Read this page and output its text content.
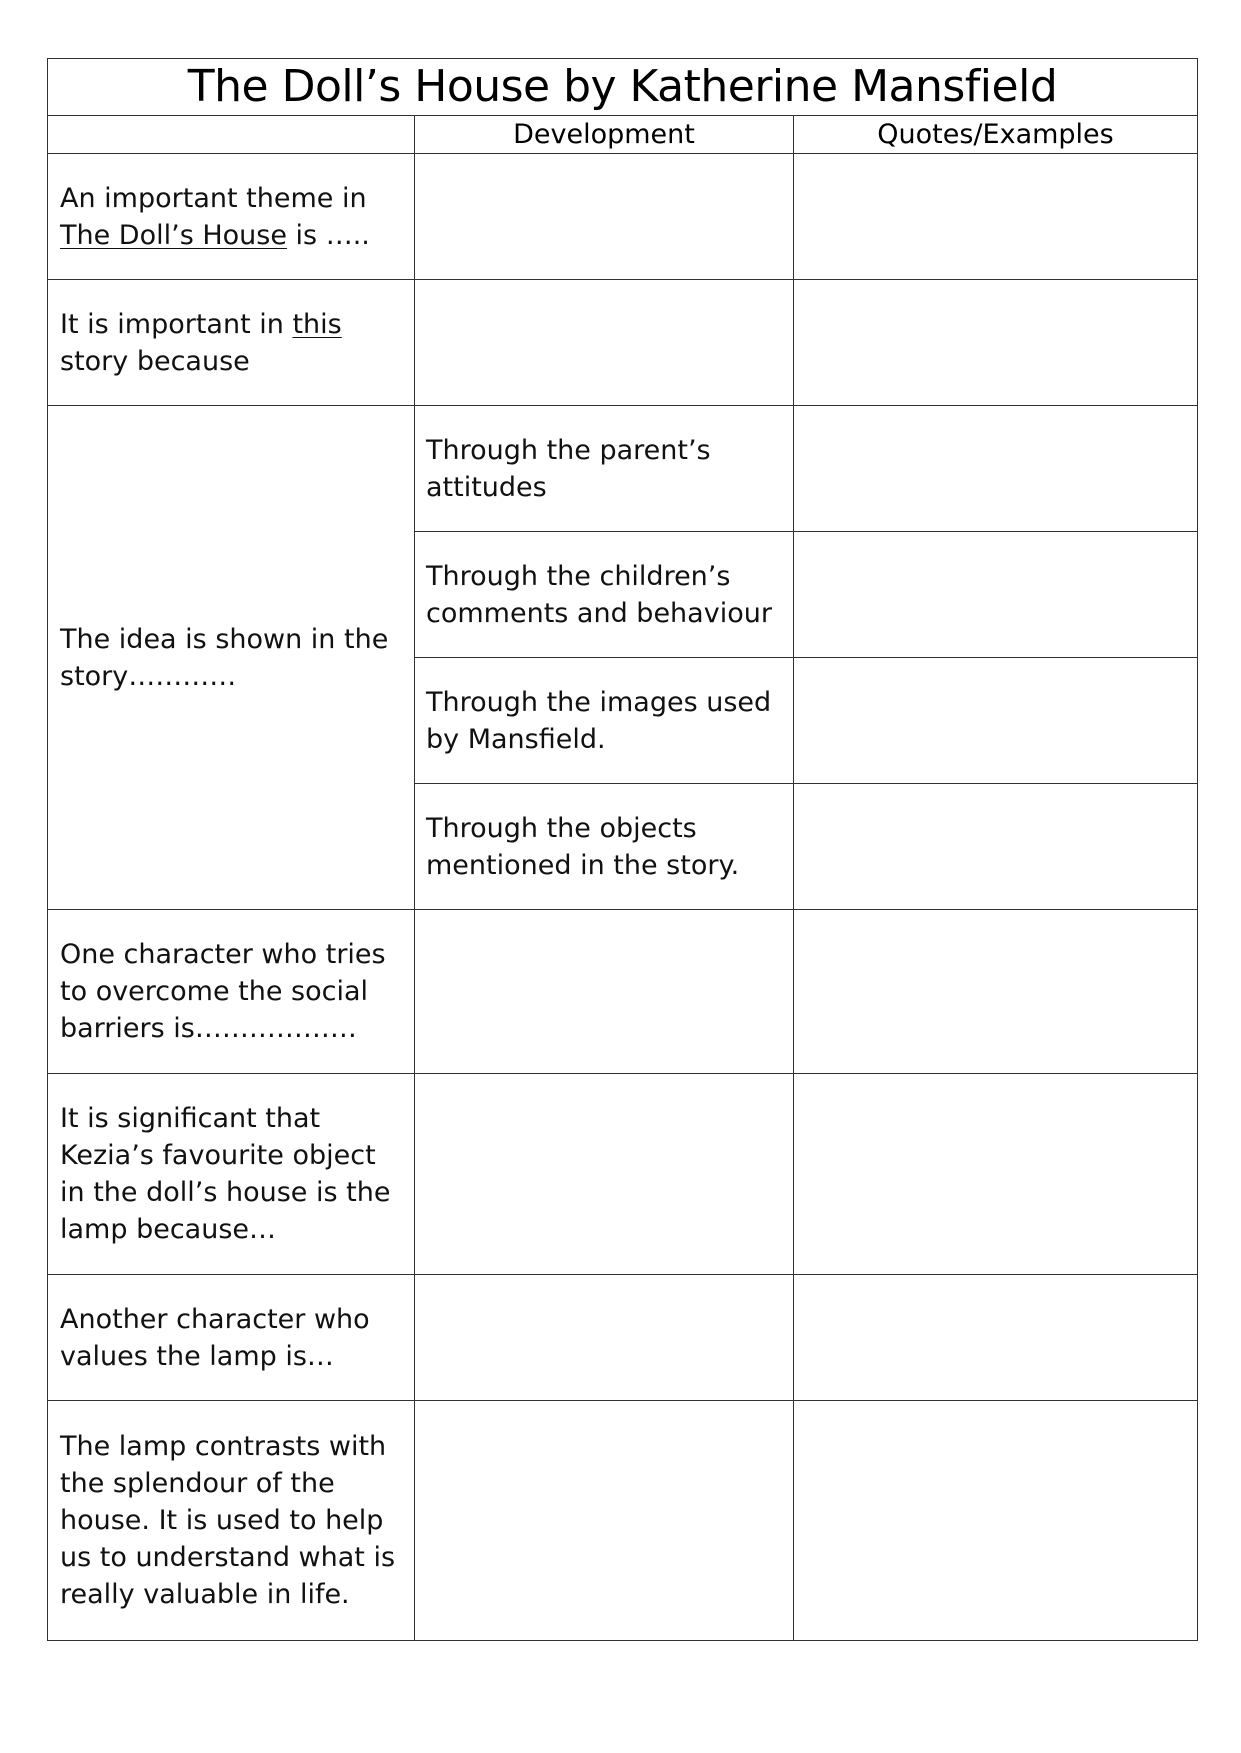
The Doll’s House by Katherine Mansfield		
	Development	Quotes/Examples
An important theme in The Doll’s House is …..		
It is important in this story because		
The idea is shown in the story…………	Through the parent’s attitudes	
	Through the children’s comments and behaviour	
	Through the images used by Mansfield.	
	Through the objects mentioned in the story.	
One character who tries to overcome the social barriers is………………		
It is significant that Kezia’s favourite object in the doll’s house is the lamp because…		
Another character who values the lamp is…		
The lamp contrasts with the splendour of the house. It is used to help us to understand what is really valuable in life.		
